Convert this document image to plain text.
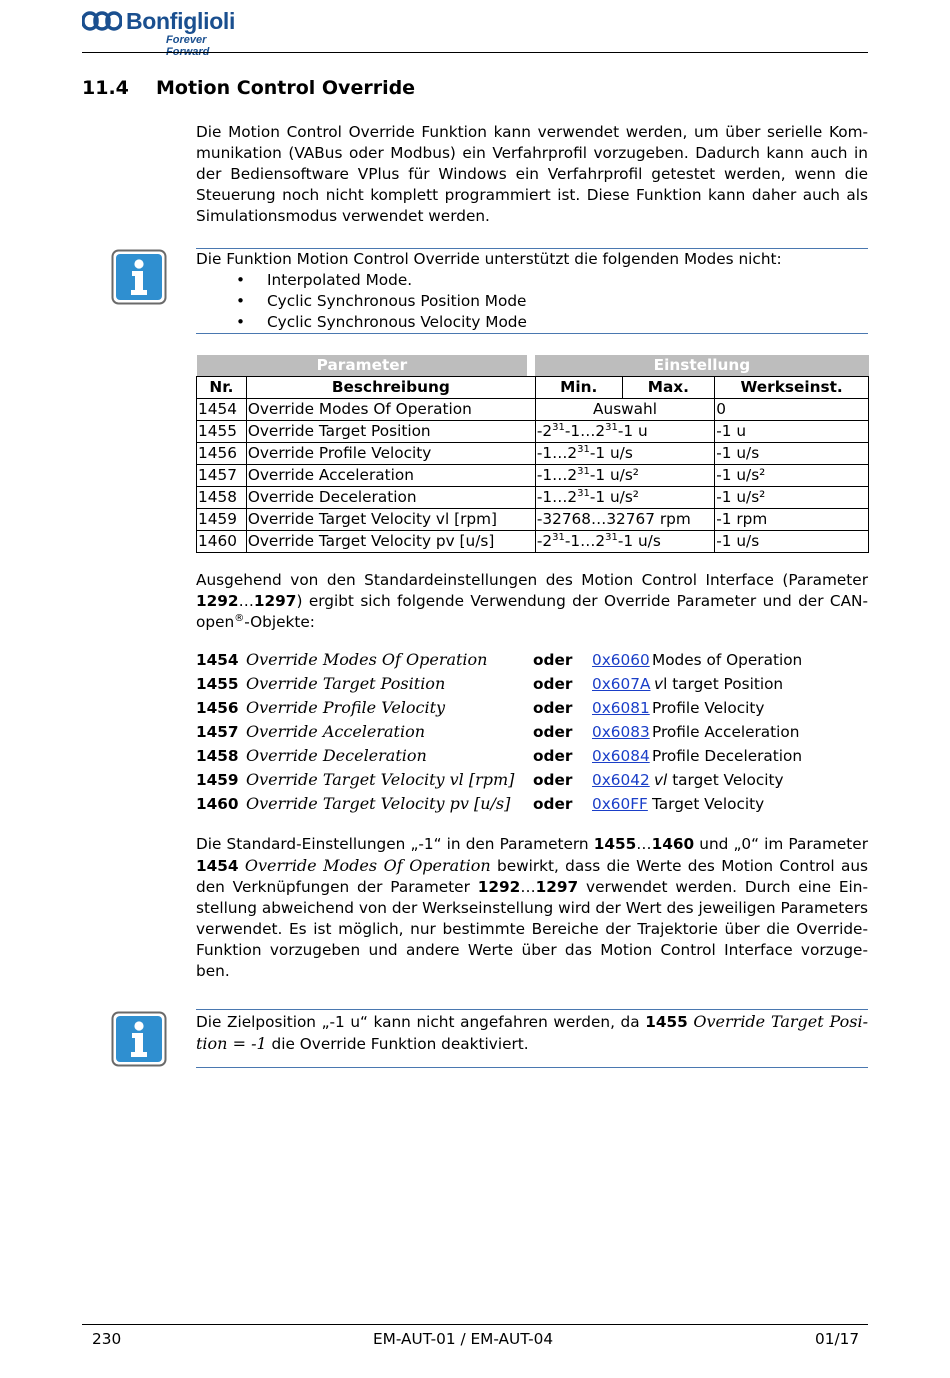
Bonfiglioli
Forever Forward
11.4 Motion Control Override
Die Motion Control Override Funktion kann verwendet werden, um über serielle Kom-
munikation (VABus oder Modbus) ein Verfahrprofil vorzugeben. Dadurch kann auch in
der Bediensoftware VPlus für Windows ein Verfahrprofil getestet werden, wenn die
Steuerung noch nicht komplett programmiert ist. Diese Funktion kann daher auch als
Simulationsmodus verwendet werden.
Die Funktion Motion Control Override unterstützt die folgenden Modes nicht:
• Interpolated Mode.
• Cyclic Synchronous Position Mode
• Cyclic Synchronous Velocity Mode
Parameter			Einstellung		
Nr.	Beschreibung		Min.	Max.	Werkseinst.
1454	Override Modes Of Operation		Auswahl		0
1455	Override Target Position		$-2^{31}-1\dots 2^{31}-1$ u		-1 u
1456	Override Profile Velocity		$-1\dots 2^{31}-1$ u/s		-1 u/s
1457	Override Acceleration		$-1\dots 2^{31}-1$ u/s²		-1 u/s²
1458	Override Deceleration		$-1\dots 2^{31}-1$ u/s²		-1 u/s²
1459	Override Target Velocity vl [rpm]		-32768…32767 rpm		-1 rpm
1460	Override Target Velocity pv [u/s]		$-2^{31}-1\dots 2^{31}-1$ u/s		-1 u/s
Ausgehend von den Standardeinstellungen des Motion Control Interface (Parameter
1292…1297) ergibt sich folgende Verwendung der Override Parameter und der CAN-
open®-Objekte:
1454 Override Modes Of Operation	oder 0x6060 Modes of Operation
1455 Override Target Position	oder 0x607A vl target Position
1456 Override Profile Velocity	oder 0x6081 Profile Velocity
1457 Override Acceleration	oder 0x6083 Profile Acceleration
1458 Override Deceleration	oder 0x6084 Profile Deceleration
1459 Override Target Velocity vl [rpm] oder 0x6042 vl target Velocity
1460 Override Target Velocity pv [u/s] oder 0x60FF Target Velocity
Die Standard-Einstellungen „-1“ in den Parametern 1455…1460 und „0“ im Parameter
1454 Override Modes Of Operation bewirkt, dass die Werte des Motion Control aus
den Verknüpfungen der Parameter 1292…1297 verwendet werden. Durch eine Ein-
stellung abweichend von der Werkseinstellung wird der Wert des jeweiligen Parameters
verwendet. Es ist möglich, nur bestimmte Bereiche der Trajektorie über die Override-
Funktion vorzugeben und andere Werte über das Motion Control Interface vorzuge-
ben.
Die Zielposition „-1 u“ kann nicht angefahren werden, da 1455 Override Target Posi-
tion = -1 die Override Funktion deaktiviert.
230	EM-AUT-01 / EM-AUT-04	01/17
